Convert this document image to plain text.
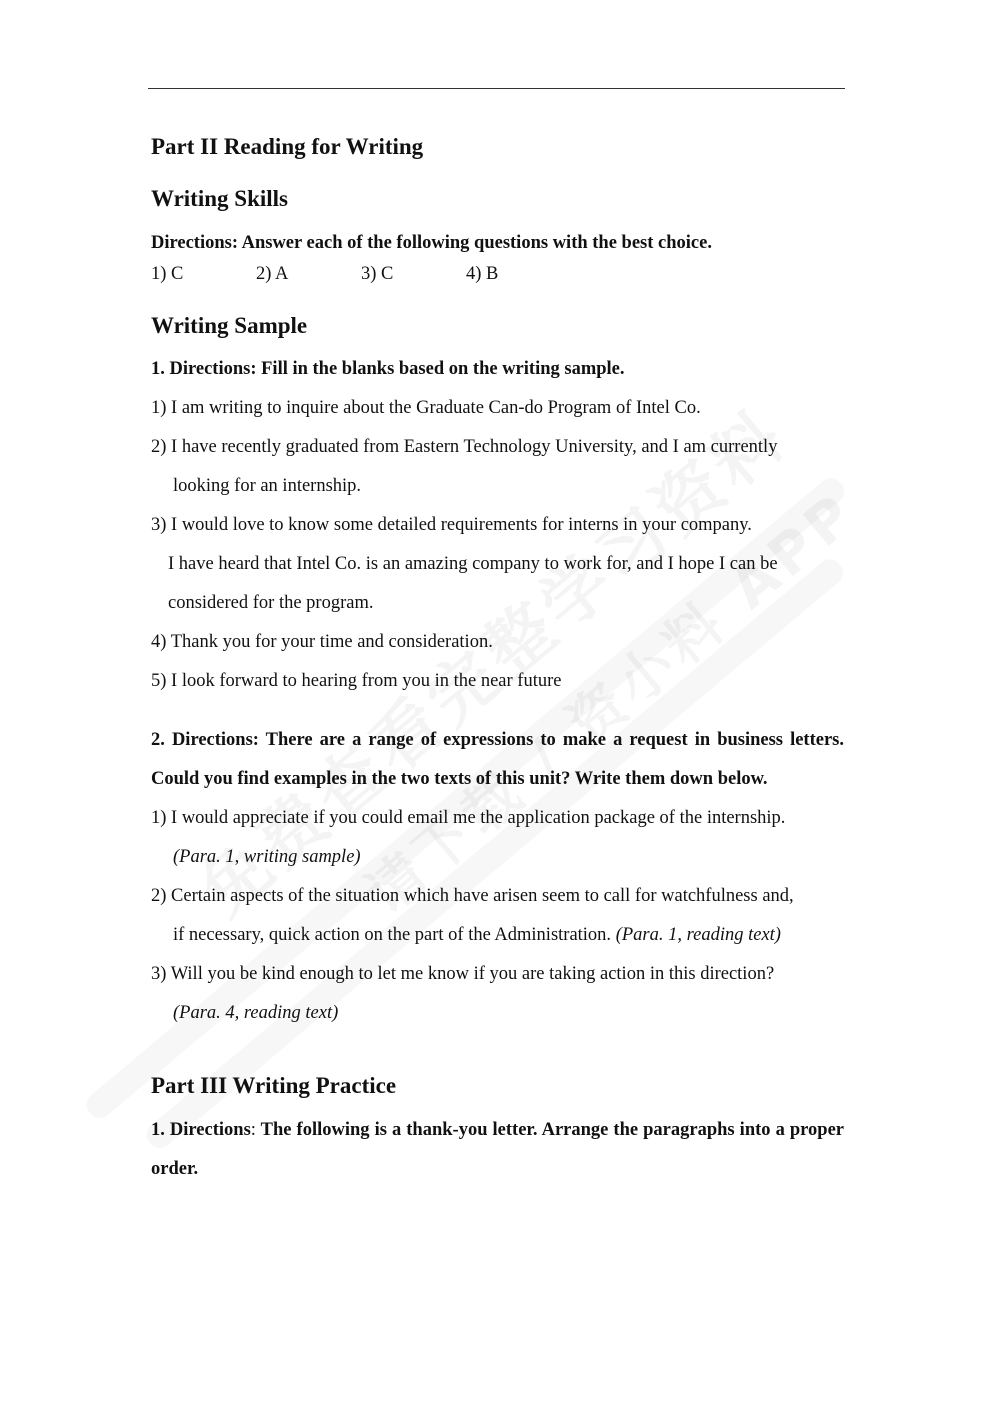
Part II Reading for Writing

Writing Skills

Directions: Answer each of the following questions with the best choice.

1) C	2) A	3) C	4) B

Writing Sample

1. Directions: Fill in the blanks based on the writing sample.

1) I am writing to inquire about the Graduate Can-do Program of Intel Co.

2) I have recently graduated from Eastern Technology University, and I am currently
looking for an internship.

3) I would love to know some detailed requirements for interns in your company.
I have heard that Intel Co. is an amazing company to work for, and I hope I can be
considered for the program.

4) Thank you for your time and consideration.

5) I look forward to hearing from you in the near future

2. Directions: There are a range of expressions to make a request in business letters. Could you find examples in the two texts of this unit? Write them down below.

1) I would appreciate if you could email me the application package of the internship.
(Para. 1, writing sample)

2) Certain aspects of the situation which have arisen seem to call for watchfulness and,
if necessary, quick action on the part of the Administration. (Para. 1, reading text)

3) Will you be kind enough to let me know if you are taking action in this direction?
(Para. 4, reading text)

Part III Writing Practice

1. Directions: The following is a thank-you letter. Arrange the paragraphs into a proper order.
